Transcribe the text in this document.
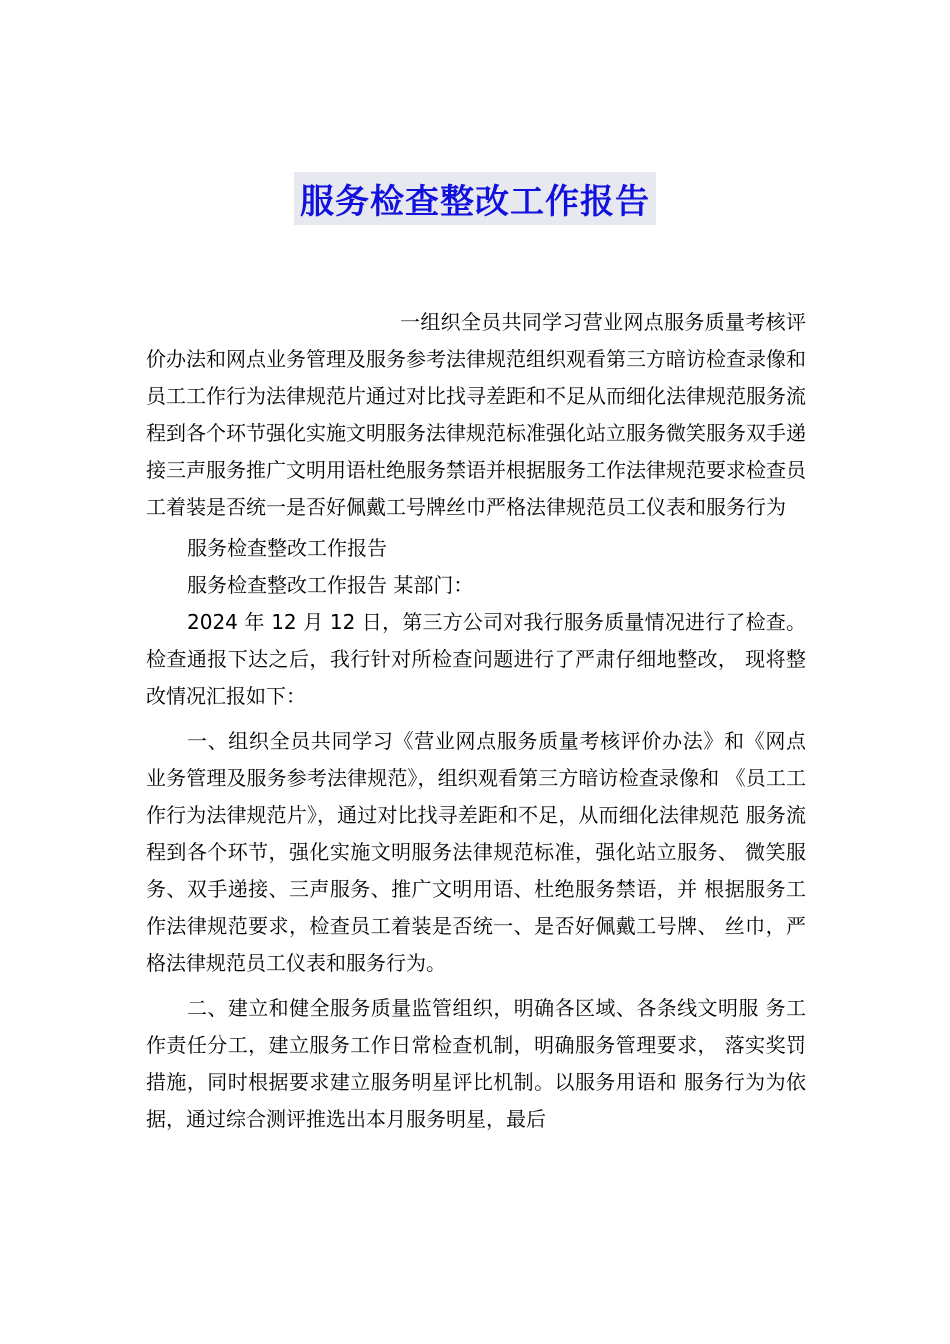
服务检查整改工作报告

一组织全员共同学习营业网点服务质量考核评价办法和网点业务管理及服务参考法律规范组织观看第三方暗访检查录像和员工工作行为法律规范片通过对比找寻差距和不足从而细化法律规范服务流程到各个环节强化实施文明服务法律规范标准强化站立服务微笑服务双手递接三声服务推广文明用语杜绝服务禁语并根据服务工作法律规范要求检查员工着装是否统一是否好佩戴工号牌丝巾严格法律规范员工仪表和服务行为

服务检查整改工作报告

服务检查整改工作报告 某部门：

2024 年 12 月 12 日，第三方公司对我行服务质量情况进行了检查。检查通报下达之后，我行针对所检查问题进行了严肃仔细地整改， 现将整改情况汇报如下：

一、组织全员共同学习《营业网点服务质量考核评价办法》和《网点业务管理及服务参考法律规范》，组织观看第三方暗访检查录像和 《员工工作行为法律规范片》，通过对比找寻差距和不足，从而细化法律规范 服务流程到各个环节，强化实施文明服务法律规范标准，强化站立服务、 微笑服务、双手递接、三声服务、推广文明用语、杜绝服务禁语，并 根据服务工作法律规范要求，检查员工着装是否统一、是否好佩戴工号牌、 丝巾，严格法律规范员工仪表和服务行为。

二、建立和健全服务质量监管组织，明确各区域、各条线文明服 务工作责任分工，建立服务工作日常检查机制，明确服务管理要求， 落实奖罚措施，同时根据要求建立服务明星评比机制。以服务用语和 服务行为为依据，通过综合测评推选出本月服务明星，最后
